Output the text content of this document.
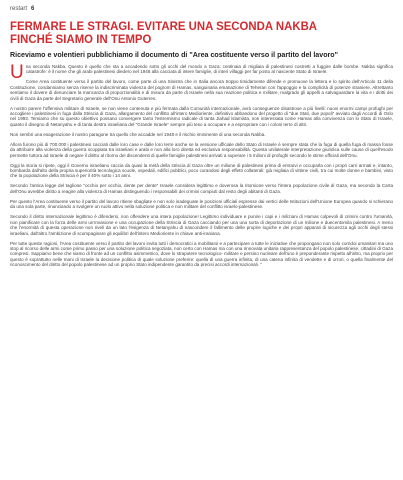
restart 6
FERMARE LE STRAGI. EVITARE UNA SECONDA NAKBA
FINCHÉ SIAMO IN TEMPO
Riceviamo e volentieri pubblichiamo il documento di "Area costituente verso il partito del lavoro"

Una seconda Nakba. Questo è quello che sta a accadendo sotto gli occhi del mondo a Gaza: centinaia di migliaia di palestinesi costretti a fuggire dalle bombe. Nakba significa catastrofe: è il nome che gli arabi palestinesi diedero nel 1948 alla cacciata di intere famiglie, di interi villaggi per far posto al nascente Stato di Israele.

Come Area costituente verso il partito del lavoro, come parte di una Sinistra che in Italia ancora troppo timidamente difende e promuove la lettera e lo spirito dell'Articolo 11 della Costituzione, condanniamo senza riserve la indiscriminata violenza del pogrom di Hamas, sanguinaria emanazione di Teheran con l'appoggio e la complicità di potenze straniere. Altrettanto sentiamo il dovere di denunciare la mancanza di proporzionalità e di misura da parte di Israele nella sua reazione politica e militare, malgrado gli appelli a salvaguardare la vita e i diritti dei civili di Gaza da parte del Segretario generale dell'Onu Antonio Guterres.

A nostro parere l'offensiva militare di Israele, se non viene contenuta e più fermata dalla Comunità internazionale, avrà conseguenze disastrose a più livelli: nuovi enormi campi profughi per accogliere i palestinesi in fuga dalla Striscia di Gaza, allargamento del conflitto all'intero Medioriente, definitivo abbandono del progetto di "due Stati, due popoli" avviato dagli Accordi di Oslo nel 1993. Temiamo che su questo obiettivo possano convergere tanto l'estremismo radicale di tanta Jiahad islamista, non interessata come Hamas alla convivenza con lo Stato di Israele, quanto il disegno di Netanyahu e di tanta destra israeliana del "Grande Israele" sempre più teso a occupare e a espropriare con i coloni terre di altri.

Non sembri una esagerazione il nostro paragone tra quello che accadde nel 1948 e il rischio imminente di una seconda Nakba.

Allora furono più di 700.000 i palestinesi cacciati dalle loro case e dalle loro terre anche se la versione ufficiale dello Stato di Israele è sempre stata che la fuga di quella fuga di massa fosse da attribuire alla violenza della guerra scoppiata tra israeliani e arabi e non alla loro diretta ed esclusiva responsabilità. Questa unilaterale interpretazione giuridica sulle cause di quell'esodo permette tuttora ad Israele di negare il diritto al ritorno dei discendenti di quelle famiglie palestinesi arrivati a superare i 5 milioni di profughi secondo le stime ufficiali dell'Onu.

Oggi la storia si ripete, oggi il Governo israeliano caccia da quasi la metà della striscia di Gaza oltre un milione di palestinesi prima di entrarvi e occuparla con i propri carri armati e, intanto, bombarda dall'alto della propria superiorità tecnologica scuole, ospedali, edifici pubblici, poco curandosi degli effetti collaterali: già migliaia di vittime civili, tra cui molte donne e bambini, visto che la popolazione della Striscia è per il 40% sotto i 14 anni.

Secondo l'antica legge del taglione "occhio per occhio, dente per dente" Israele considera legittimo e doverosa la ritorsione verso l'intera popolazione civile di Gaza, ma secondo la Carta dell'Onu avrebbe diritto a reagire alla violenza di Hamas distinguendo i responsabili dei crimini compiuti dal resto degli abitanti di Gaza.

Per questo l'Area costituente verso il partito del lavoro ritiene sbagliate e non solo inadeguate le posizioni ufficiali espresse dai vertici delle Istituzioni dell'Unione Europea quando si schierano da una sola parte, rinunciando a svolgere un ruolo attivo nella soluzione politica e non militare del conflitto israelo-palestinese.

Secondo il diritto internazionale legittimo è difendersi, non offendere una intera popolazione! Legittimo individuare e punire i capi e i miliziani di Hamas colpevoli di crimini contro l'umanità, non pianificare con la forza delle armi un'invasione e una occupazione della Striscia di Gaza cacciando per una una sorta di deportazione di un milione e duecentomila palestinesi. A meno che l'enormità di questa operazione non riveli da un lato l'esigenza di Netanyahu di nascondere il fallimento delle proprie logiche e dei propri apparati di sicurezza agli occhi degli stessi israeliani, dall'altro l'ambizione di scompaginare gli equilibri dell'intero Medioriente in chiave anti-iraniana.

Per tutte queste ragioni, l'Area costituente verso il partito del lavoro invita tutti i democratici a mobilitarsi e a partecipare a tutte le iniziative che propongano non solo corridoi umanitari ma uno stop al ricorso delle armi come primo passo per una soluzione politica negoziata, non certo con Hamas ma con una rinnovata unitaria rappresentanza del popolo palestinese, cittadini di Gaza compresi. Sappiamo bene che siamo di fronte ad un conflitto asimmetrico, dove lo strapotere tecnologico- militare e persino nucleare dell'uno è preponderante rispetto all'altro, ma proprio per questo è soprattutto nelle mani di Israele la decisione politica di quale soluzione preferire: quella di una guerra infinita, di una catena infinita di vendette e di orrori, o quella finalmente del riconoscimento del diritto del popolo palestinese ad un proprio Stato indipendente garantito da precisi accordi internazionali. "
